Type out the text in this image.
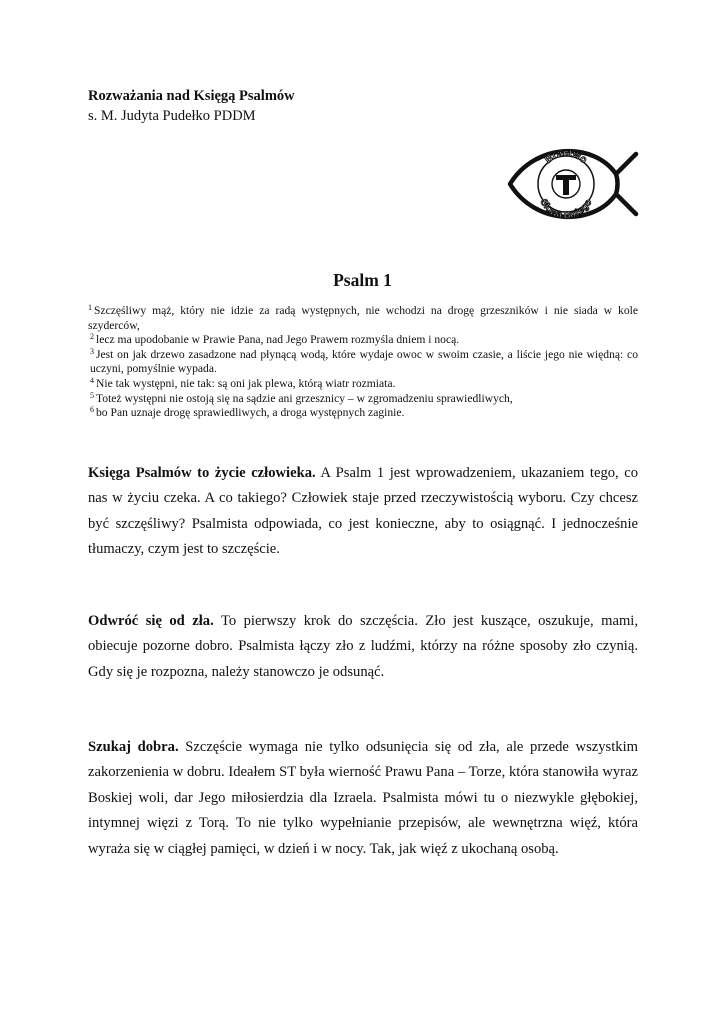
Rozważania nad Księgą Psalmów
s. M. Judyta Pudełko PDDM
Bractwo
Słowa Bożego
Psalm 1

$^1$ Szczęśliwy mąż, który nie idzie za radą występnych, nie wchodzi na drogę grzeszników i nie siada w kole szyderców,

$^2$ lecz ma upodobanie w Prawie Pana, nad Jego Prawem rozmyśla dniem i nocą.

$^3$ Jest on jak drzewo zasadzone nad płynącą wodą, które wydaje owoc w swoim czasie, a liście jego nie więdną: co uczyni, pomyślnie wypada.

$^4$ Nie tak występni, nie tak: są oni jak plewa, którą wiatr rozmiata.

$^5$ Toteż występni nie ostoją się na sądzie ani grzesznicy – w zgromadzeniu sprawiedliwych,

$^6$ bo Pan uznaje drogę sprawiedliwych, a droga występnych zaginie.

Księga Psalmów to życie człowieka. A Psalm 1 jest wprowadzeniem, ukazaniem tego, co nas w życiu czeka. A co takiego? Człowiek staje przed rzeczywistością wyboru. Czy chcesz być szczęśliwy? Psalmista odpowiada, co jest konieczne, aby to osiągnąć. I jednocześnie tłumaczy, czym jest to szczęście.
Odwróć się od zła. To pierwszy krok do szczęścia. Zło jest kuszące, oszukuje, mami, obiecuje pozorne dobro. Psalmista łączy zło z ludźmi, którzy na różne sposoby zło czynią. Gdy się je rozpozna, należy stanowczo je odsunąć.
Szukaj dobra. Szczęście wymaga nie tylko odsunięcia się od zła, ale przede wszystkim zakorzenienia w dobru. Ideałem ST była wierność Prawu Pana – Torze, która stanowiła wyraz Boskiej woli, dar Jego miłosierdzia dla Izraela. Psalmista mówi tu o niezwykle głębokiej, intymnej więzi z Torą. To nie tylko wypełnianie przepisów, ale wewnętrzna więź, która wyraża się w ciągłej pamięci, w dzień i w nocy. Tak, jak więź z ukochaną osobą.
